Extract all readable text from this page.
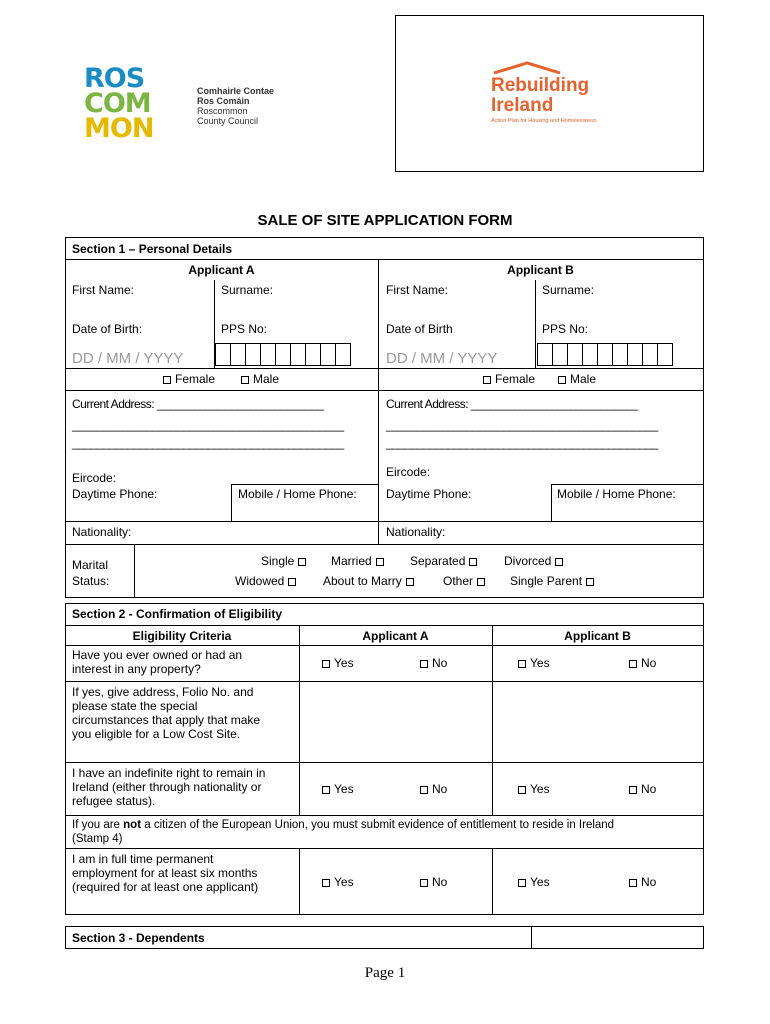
ROS
COM
MON
Comhairle Contae
Ros Comáin
Roscommon
County Council
Rebuilding
Ireland
Action Plan for Housing and Homelessness
SALE OF SITE APPLICATION FORM
Section 1 – Personal Details
Applicant A	Applicant B
First Name:	Surname:	First Name:	Surname:
Date of Birth:	PPS No:	Date of Birth	PPS No:
DD / MM / YYYY	DD / MM / YYYY
Female	Male	Female	Male
Current Address: ___________________________
____________________________________________
____________________________________________
Current Address: ___________________________
____________________________________________
____________________________________________
Eircode:	Eircode:
Daytime Phone:	Mobile / Home Phone: Daytime Phone:	Mobile / Home Phone:
Nationality:	Nationality:
Marital
Status:
Single	Married	Separated	Divorced
Widowed	About to Marry	Other	Single Parent
Section 2 - Confirmation of Eligibility
Eligibility Criteria	Applicant A	Applicant B
Have you ever owned or had an
interest in any property?	Yes	No	Yes	No
If yes, give address, Folio No. and
please state the special
circumstances that apply that make
you eligible for a Low Cost Site.
I have an indefinite right to remain in
Ireland (either through nationality or
refugee status).
Yes	No	Yes	No
If you are not a citizen of the European Union, you must submit evidence of entitlement to reside in Ireland
(Stamp 4)
I am in full time permanent
employment for at least six months
(required for at least one applicant)	Yes	No	Yes	No
Section 3 - Dependents
Page 1
